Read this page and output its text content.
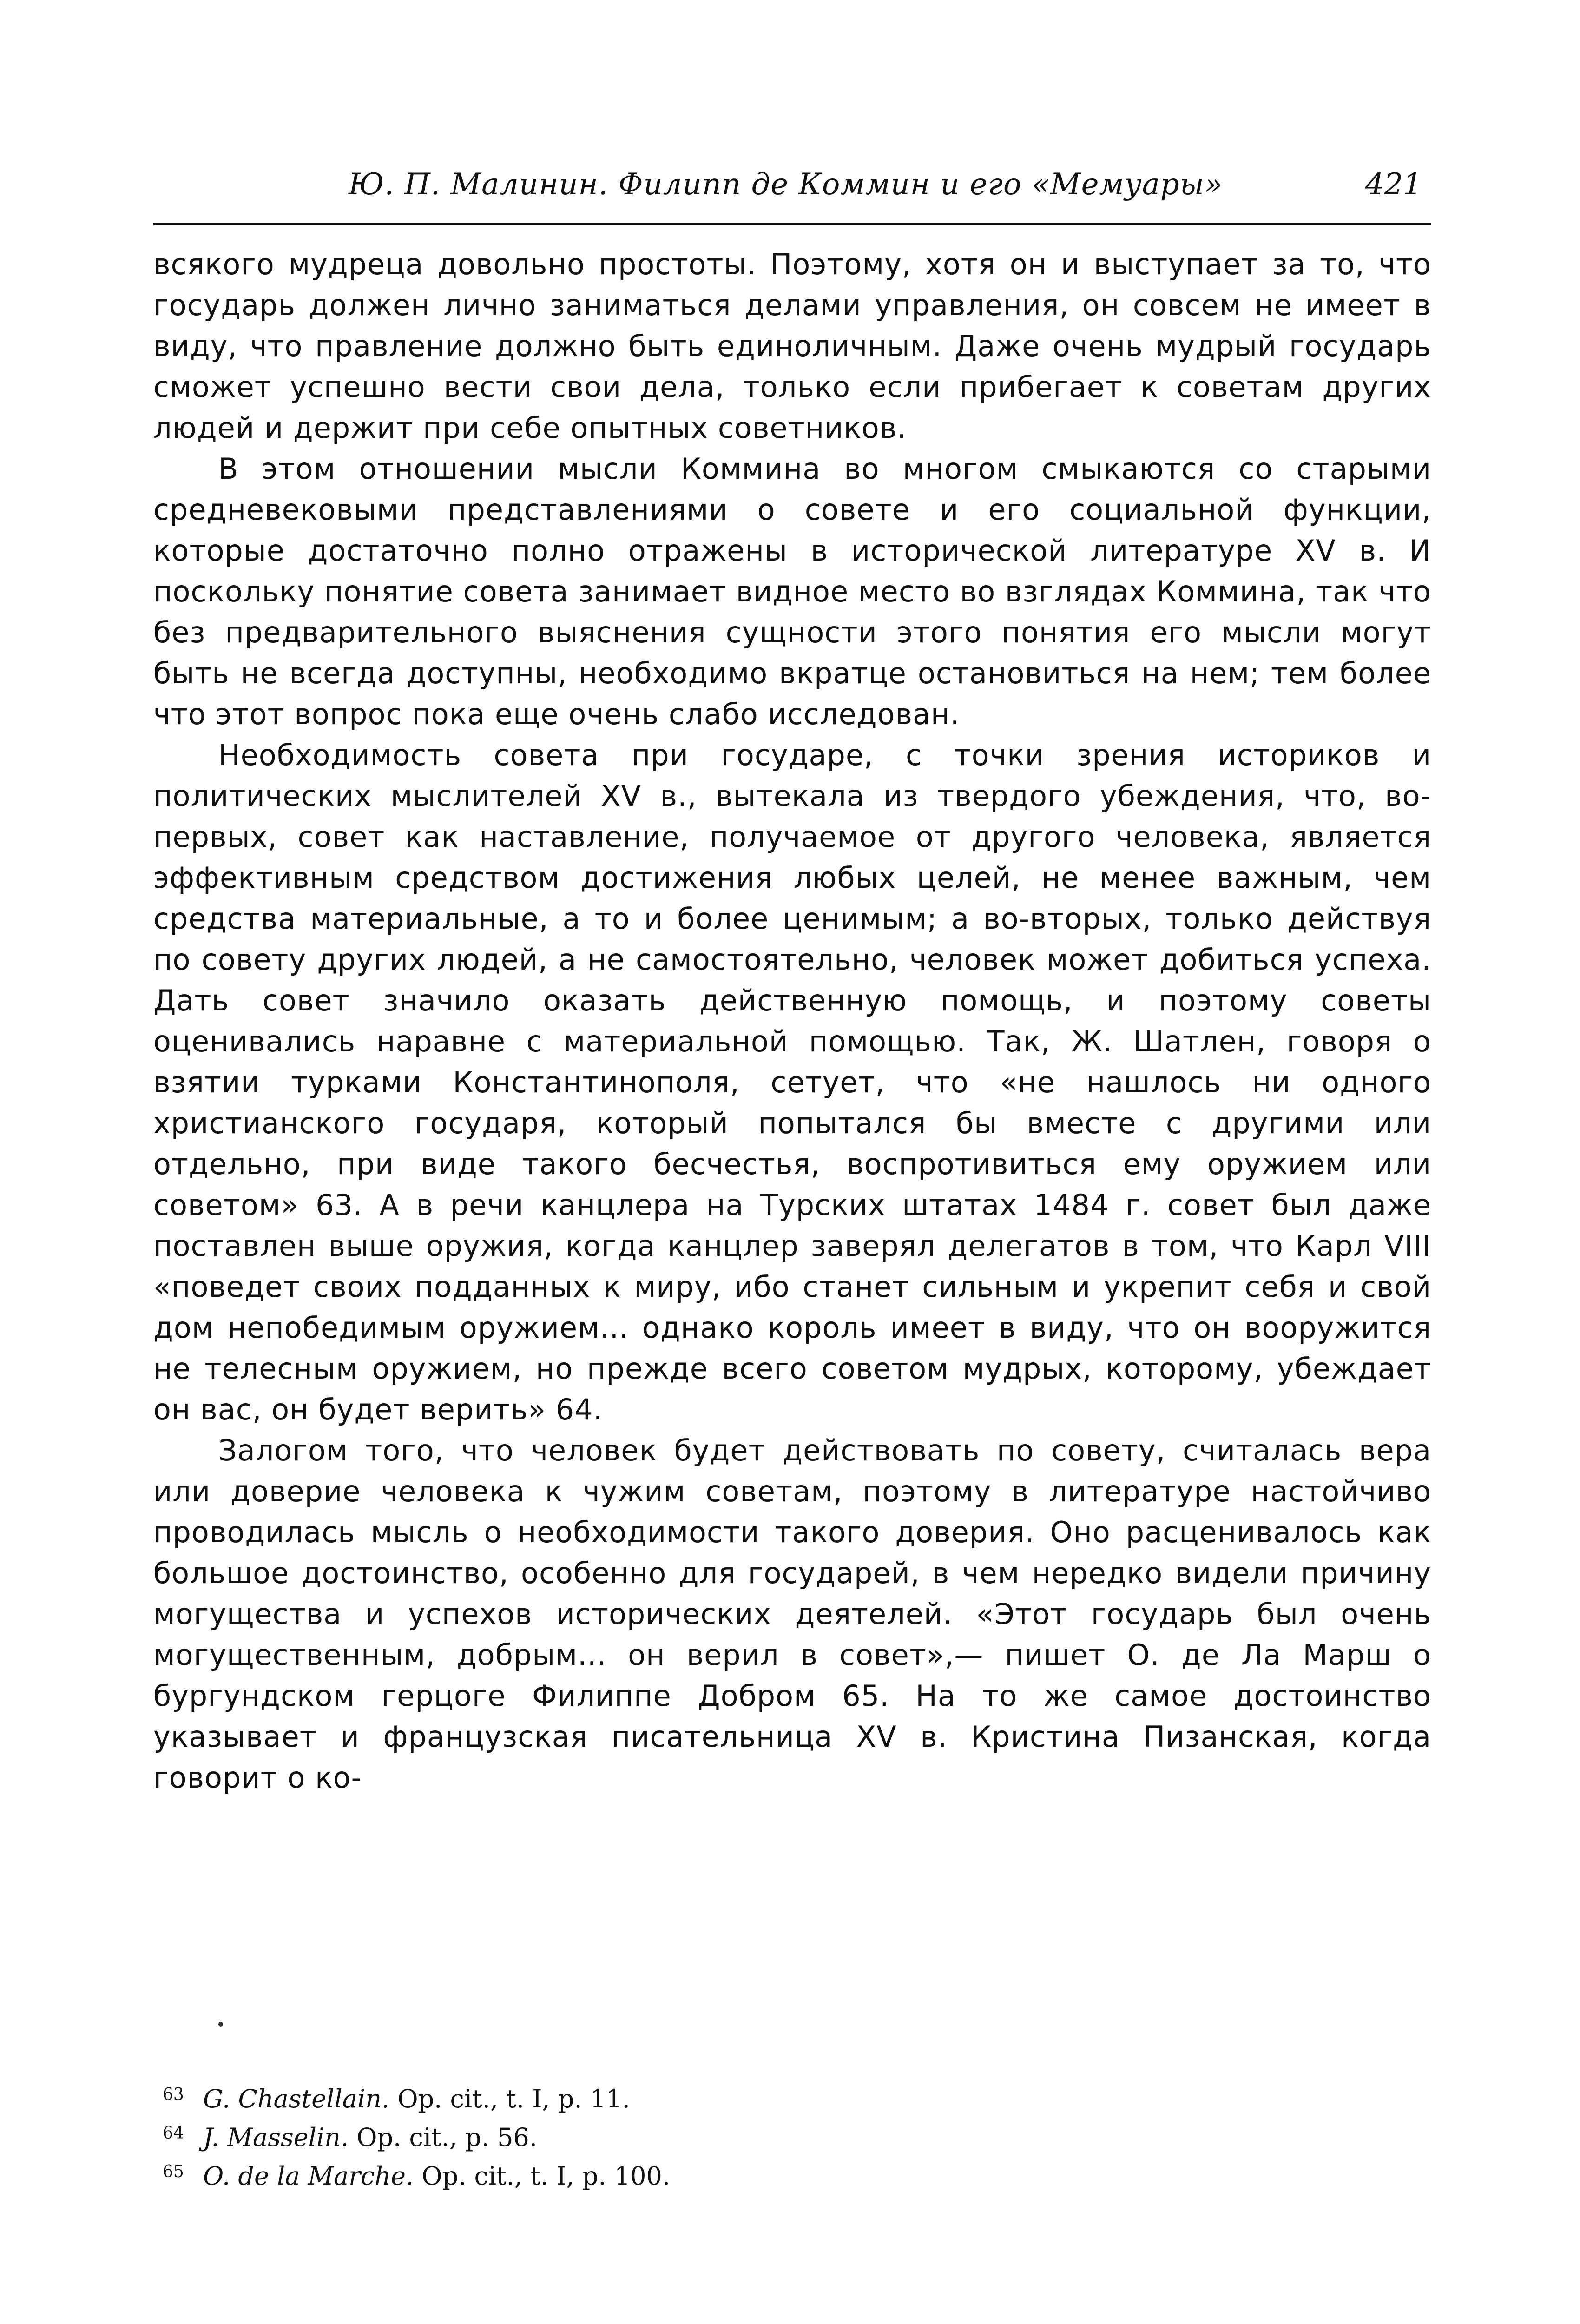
Ю. П. Малинин. Филипп де Коммин и его «Мемуары»	421

всякого мудреца довольно простоты. Поэтому, хотя он и выступает за то, что государь должен лично заниматься делами управления, он совсем не имеет в виду, что правление должно быть единоличным. Даже очень мудрый государь сможет успешно вести свои дела, только если прибегает к советам других людей и держит при себе опытных советников.

В этом отношении мысли Коммина во многом смыкаются со старыми средневековыми представлениями о совете и его социальной функции, которые достаточно полно отражены в исторической литературе XV в. И поскольку понятие совета занимает видное место во взглядах Коммина, так что без предварительного выяснения сущности этого понятия его мысли могут быть не всегда доступны, необходимо вкратце остановиться на нем; тем более что этот вопрос пока еще очень слабо исследован.

Необходимость совета при государе, с точки зрения историков и политических мыслителей XV в., вытекала из твердого убеждения, что, во-первых, совет как наставление, получаемое от другого человека, является эффективным средством достижения любых целей, не менее важным, чем средства материальные, а то и более ценимым; а во-вторых, только действуя по совету других людей, а не самостоятельно, человек может добиться успеха. Дать совет значило оказать действенную помощь, и поэтому советы оценивались наравне с материальной помощью. Так, Ж. Шатлен, говоря о взятии турками Константинополя, сетует, что «не нашлось ни одного христианского государя, который попытался бы вместе с другими или отдельно, при виде такого бесчестья, воспротивиться ему оружием или советом» 63. А в речи канцлера на Турских штатах 1484 г. совет был даже поставлен выше оружия, когда канцлер заверял делегатов в том, что Карл VIII «поведет своих подданных к миру, ибо станет сильным и укрепит себя и свой дом непобедимым оружием... однако король имеет в виду, что он вооружится не телесным оружием, но прежде всего советом мудрых, которому, убеждает он вас, он будет верить» 64.

Залогом того, что человек будет действовать по совету, считалась вера или доверие человека к чужим советам, поэтому в литературе настойчиво проводилась мысль о необходимости такого доверия. Оно расценивалось как большое достоинство, особенно для государей, в чем нередко видели причину могущества и успехов исторических деятелей. «Этот государь был очень могущественным, добрым... он верил в совет»,— пишет О. де Ла Марш о бургундском герцоге Филиппе Добром 65. На то же самое достоинство указывает и французская писательница XV в. Кристина Пизанская, когда говорит о ко-

$^{63}$ G. Chastellain. Op. cit., t. I, p. 11.
$^{64}$ J. Masselin. Op. cit., p. 56.
$^{65}$ O. de la Marche. Op. cit., t. I, p. 100.
